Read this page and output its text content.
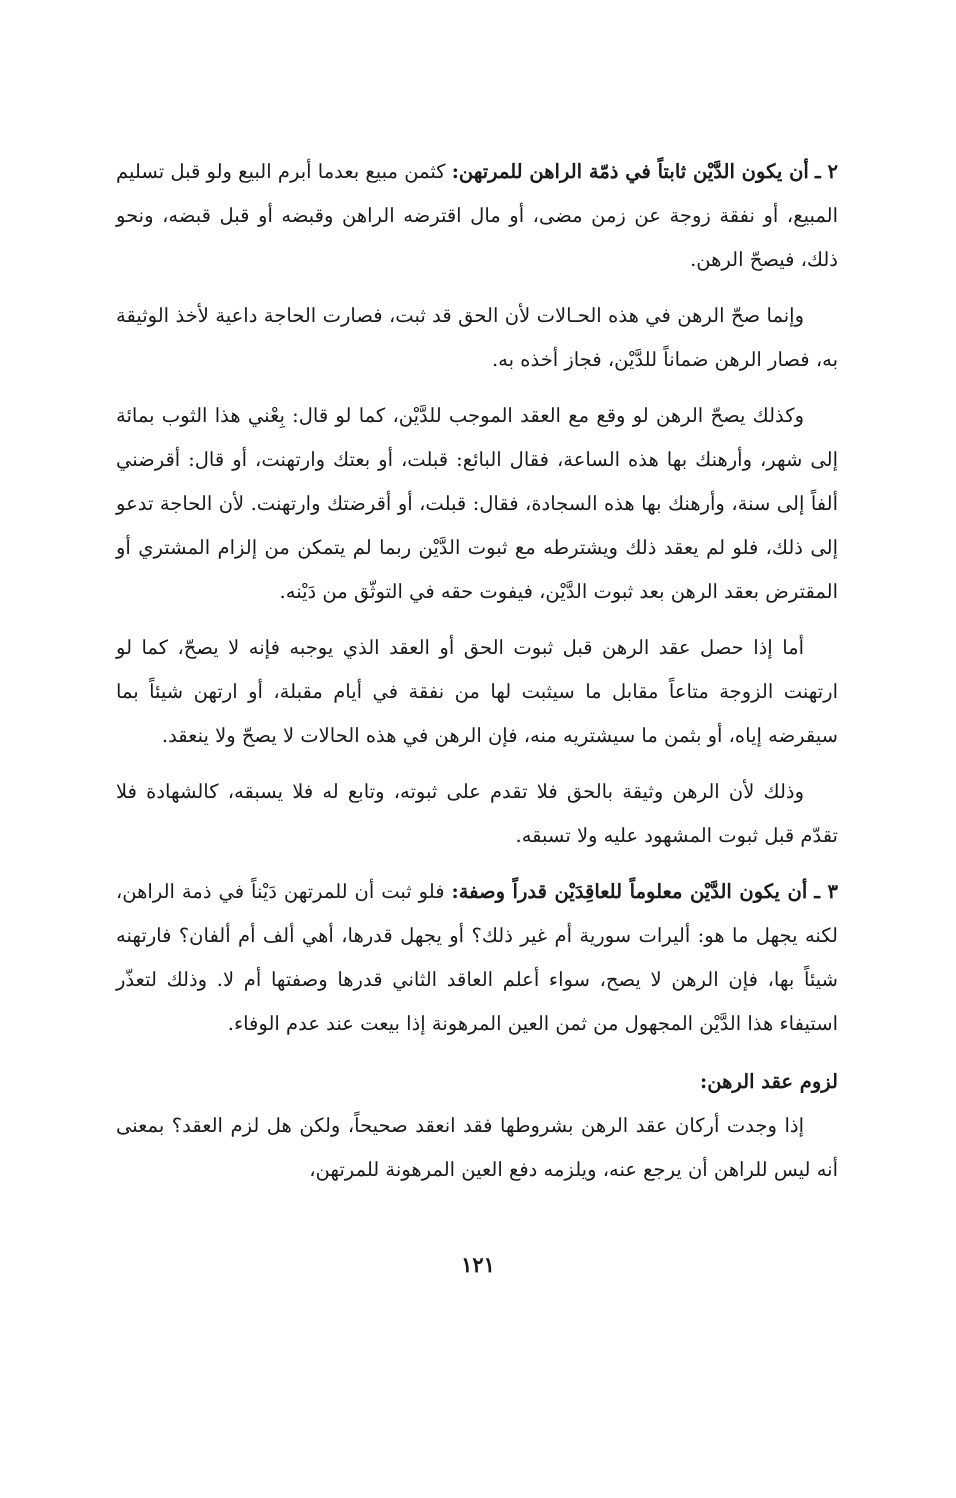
٢ ـ أن يكون الدَّيْن ثابتاً في ذمّة الراهن للمرتهن: كثمن مبيع بعدما أبرم البيع ولو قبل تسليم المبيع، أو نفقة زوجة عن زمن مضى، أو مال اقترضه الراهن وقبضه أو قبل قبضه، ونحو ذلك، فيصحّ الرهن.

وإنما صحّ الرهن في هذه الحـالات لأن الحق قد ثبت، فصارت الحاجة داعية لأخذ الوثيقة به، فصار الرهن ضماناً للدَّيْن، فجاز أخذه به.

وكذلك يصحّ الرهن لو وقع مع العقد الموجب للدَّيْن، كما لو قال: بِعْني هذا الثوب بمائة إلى شهر، وأرهنك بها هذه الساعة، فقال البائع: قبلت، أو بعتك وارتهنت، أو قال: أقرضني ألفاً إلى سنة، وأرهنك بها هذه السجادة، فقال: قبلت، أو أقرضتك وارتهنت. لأن الحاجة تدعو إلى ذلك، فلو لم يعقد ذلك ويشترطه مع ثبوت الدَّيْن ربما لم يتمكن من إلزام المشتري أو المقترض بعقد الرهن بعد ثبوت الدَّيْن، فيفوت حقه في التوثّق من دَيْنه.

أما إذا حصل عقد الرهن قبل ثبوت الحق أو العقد الذي يوجبه فإنه لا يصحّ، كما لو ارتهنت الزوجة متاعاً مقابل ما سيثبت لها من نفقة في أيام مقبلة، أو ارتهن شيئاً بما سيقرضه إياه، أو بثمن ما سيشتريه منه، فإن الرهن في هذه الحالات لا يصحّ ولا ينعقد.

وذلك لأن الرهن وثيقة بالحق فلا تقدم على ثبوته، وتابع له فلا يسبقه، كالشهادة فلا تقدّم قبل ثبوت المشهود عليه ولا تسبقه.

٣ ـ أن يكون الدَّيْن معلوماً للعاقِدَيْن قدراً وصفة: فلو ثبت أن للمرتهن دَيْناً في ذمة الراهن، لكنه يجهل ما هو: أليرات سورية أم غير ذلك؟ أو يجهل قدرها، أهي ألف أم ألفان؟ فارتهنه شيئاً بها، فإن الرهن لا يصح، سواء أعلم العاقد الثاني قدرها وصفتها أم لا. وذلك لتعذّر استيفاء هذا الدَّيْن المجهول من ثمن العين المرهونة إذا بيعت عند عدم الوفاء.
لزوم عقد الرهن:

إذا وجدت أركان عقد الرهن بشروطها فقد انعقد صحيحاً، ولكن هل لزم العقد؟ بمعنى أنه ليس للراهن أن يرجع عنه، ويلزمه دفع العين المرهونة للمرتهن،

١٢١
